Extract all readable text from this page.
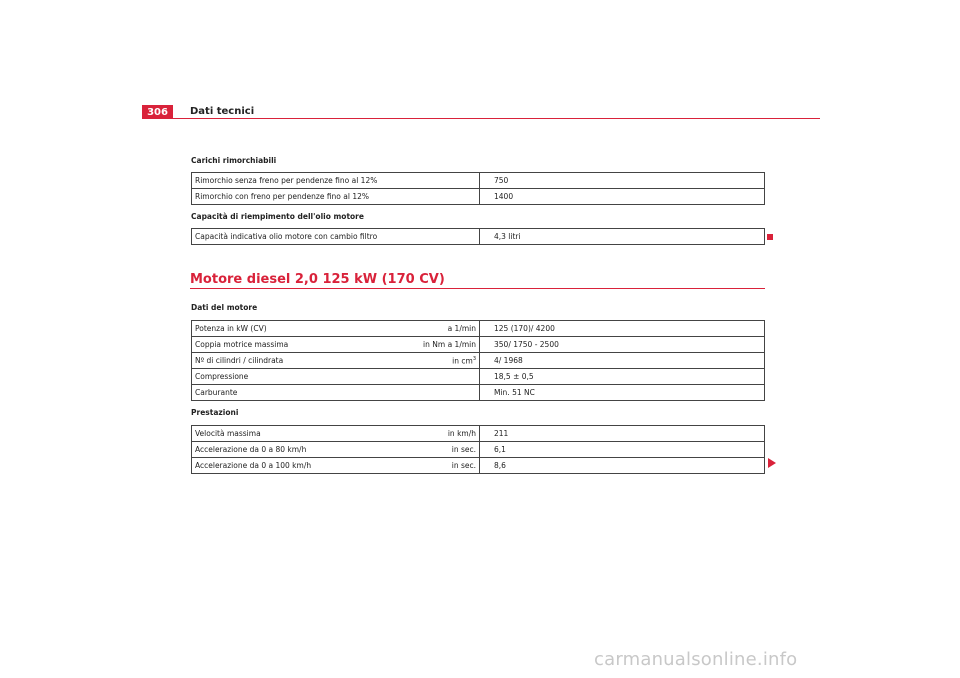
306	Dati tecnici
Carichi rimorchiabili
Rimorchio senza freno per pendenze fino al 12%	750
Rimorchio con freno per pendenze fino al 12%	1400
Capacità di riempimento dell'olio motore
Capacità indicativa olio motore con cambio filtro	4,3 litri
Motore diesel 2,0 125 kW (170 CV)
Dati del motore
Potenza in kW (CV) a 1/min	125 (170)/ 4200

Coppia motrice massima in Nm a 1/min	350/ 1750 - 2500

Nº di cilindri / cilindrata in $cm^3$	4/ 1968

Compressione	18,5 ± 0,5

Carburante	Min. 51 NC
Prestazioni
Velocità massima in km/h	211

Accelerazione da 0 a 80 km/h in sec.	6,1

Accelerazione da 0 a 100 km/h in sec.	8,6
carmanualsonline.info
